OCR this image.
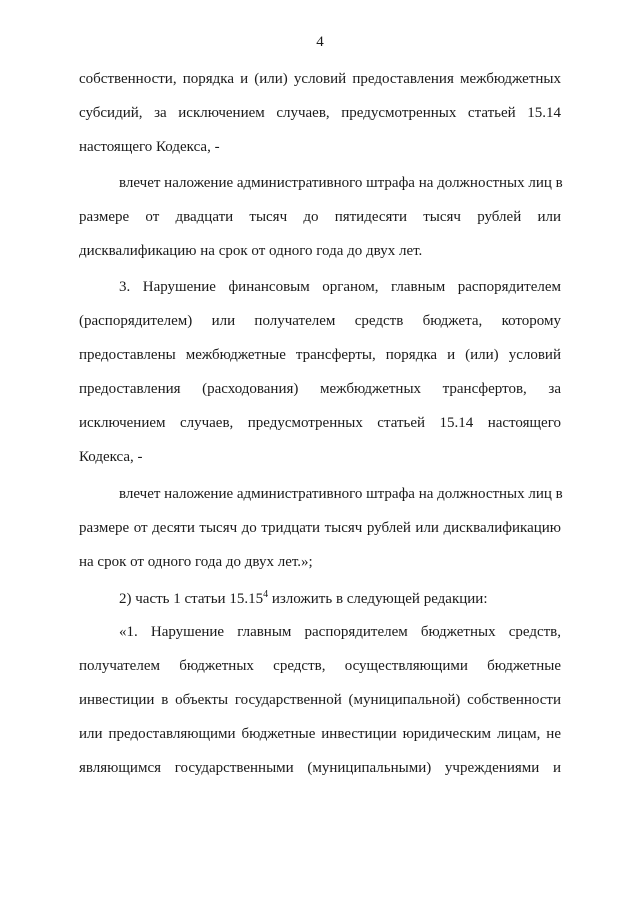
4
собственности, порядка и (или) условий предоставления межбюджетных
субсидий, за исключением случаев, предусмотренных статьей 15.14
настоящего Кодекса, -
влечет наложение административного штрафа на должностных лиц в
размере от двадцати тысяч до пятидесяти тысяч рублей или
дисквалификацию на срок от одного года до двух лет.
3. Нарушение финансовым органом, главным распорядителем
(распорядителем) или получателем средств бюджета, которому
предоставлены межбюджетные трансферты, порядка и (или) условий
предоставления (расходования) межбюджетных трансфертов, за
исключением случаев, предусмотренных статьей 15.14 настоящего
Кодекса, -
влечет наложение административного штрафа на должностных лиц в
размере от десяти тысяч до тридцати тысяч рублей или дисквалификацию
на срок от одного года до двух лет.»;
2) часть 1 статьи 15.15$^4$ изложить в следующей редакции:
«1. Нарушение главным распорядителем бюджетных средств,
получателем бюджетных средств, осуществляющими бюджетные
инвестиции в объекты государственной (муниципальной) собственности
или предоставляющими бюджетные инвестиции юридическим лицам, не
являющимся государственными (муниципальными) учреждениями и
